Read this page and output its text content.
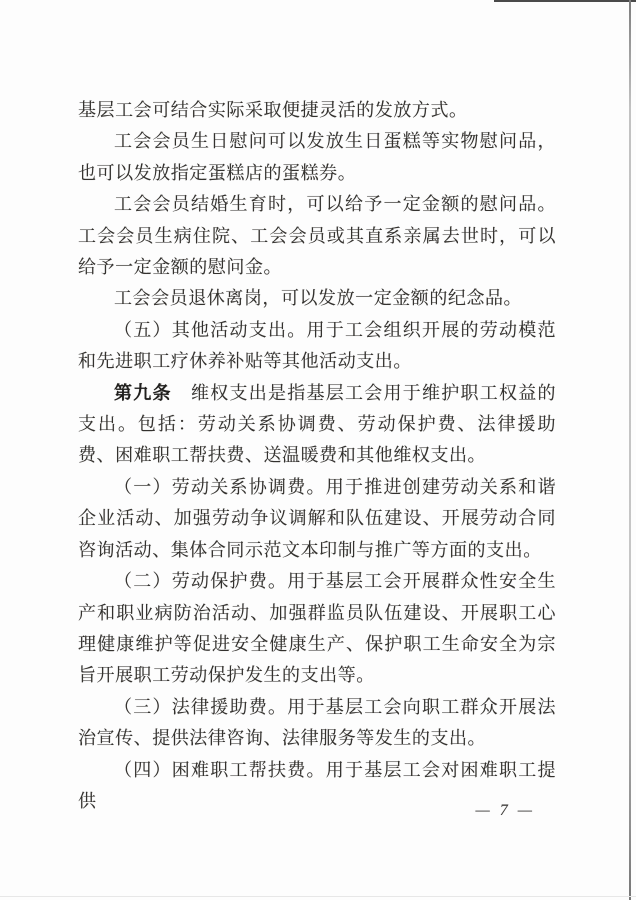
基层工会可结合实际采取便捷灵活的发放方式。

工会会员生日慰问可以发放生日蛋糕等实物慰问品，也可以发放指定蛋糕店的蛋糕券。

工会会员结婚生育时，可以给予一定金额的慰问品。工会会员生病住院、工会会员或其直系亲属去世时，可以给予一定金额的慰问金。

工会会员退休离岗，可以发放一定金额的纪念品。

（五）其他活动支出。用于工会组织开展的劳动模范和先进职工疗休养补贴等其他活动支出。

第九条　维权支出是指基层工会用于维护职工权益的支出。包括：劳动关系协调费、劳动保护费、法律援助费、困难职工帮扶费、送温暖费和其他维权支出。

（一）劳动关系协调费。用于推进创建劳动关系和谐企业活动、加强劳动争议调解和队伍建设、开展劳动合同咨询活动、集体合同示范文本印制与推广等方面的支出。

（二）劳动保护费。用于基层工会开展群众性安全生产和职业病防治活动、加强群监员队伍建设、开展职工心理健康维护等促进安全健康生产、保护职工生命安全为宗旨开展职工劳动保护发生的支出等。

（三）法律援助费。用于基层工会向职工群众开展法治宣传、提供法律咨询、法律服务等发生的支出。

（四）困难职工帮扶费。用于基层工会对困难职工提供	— 7 —
